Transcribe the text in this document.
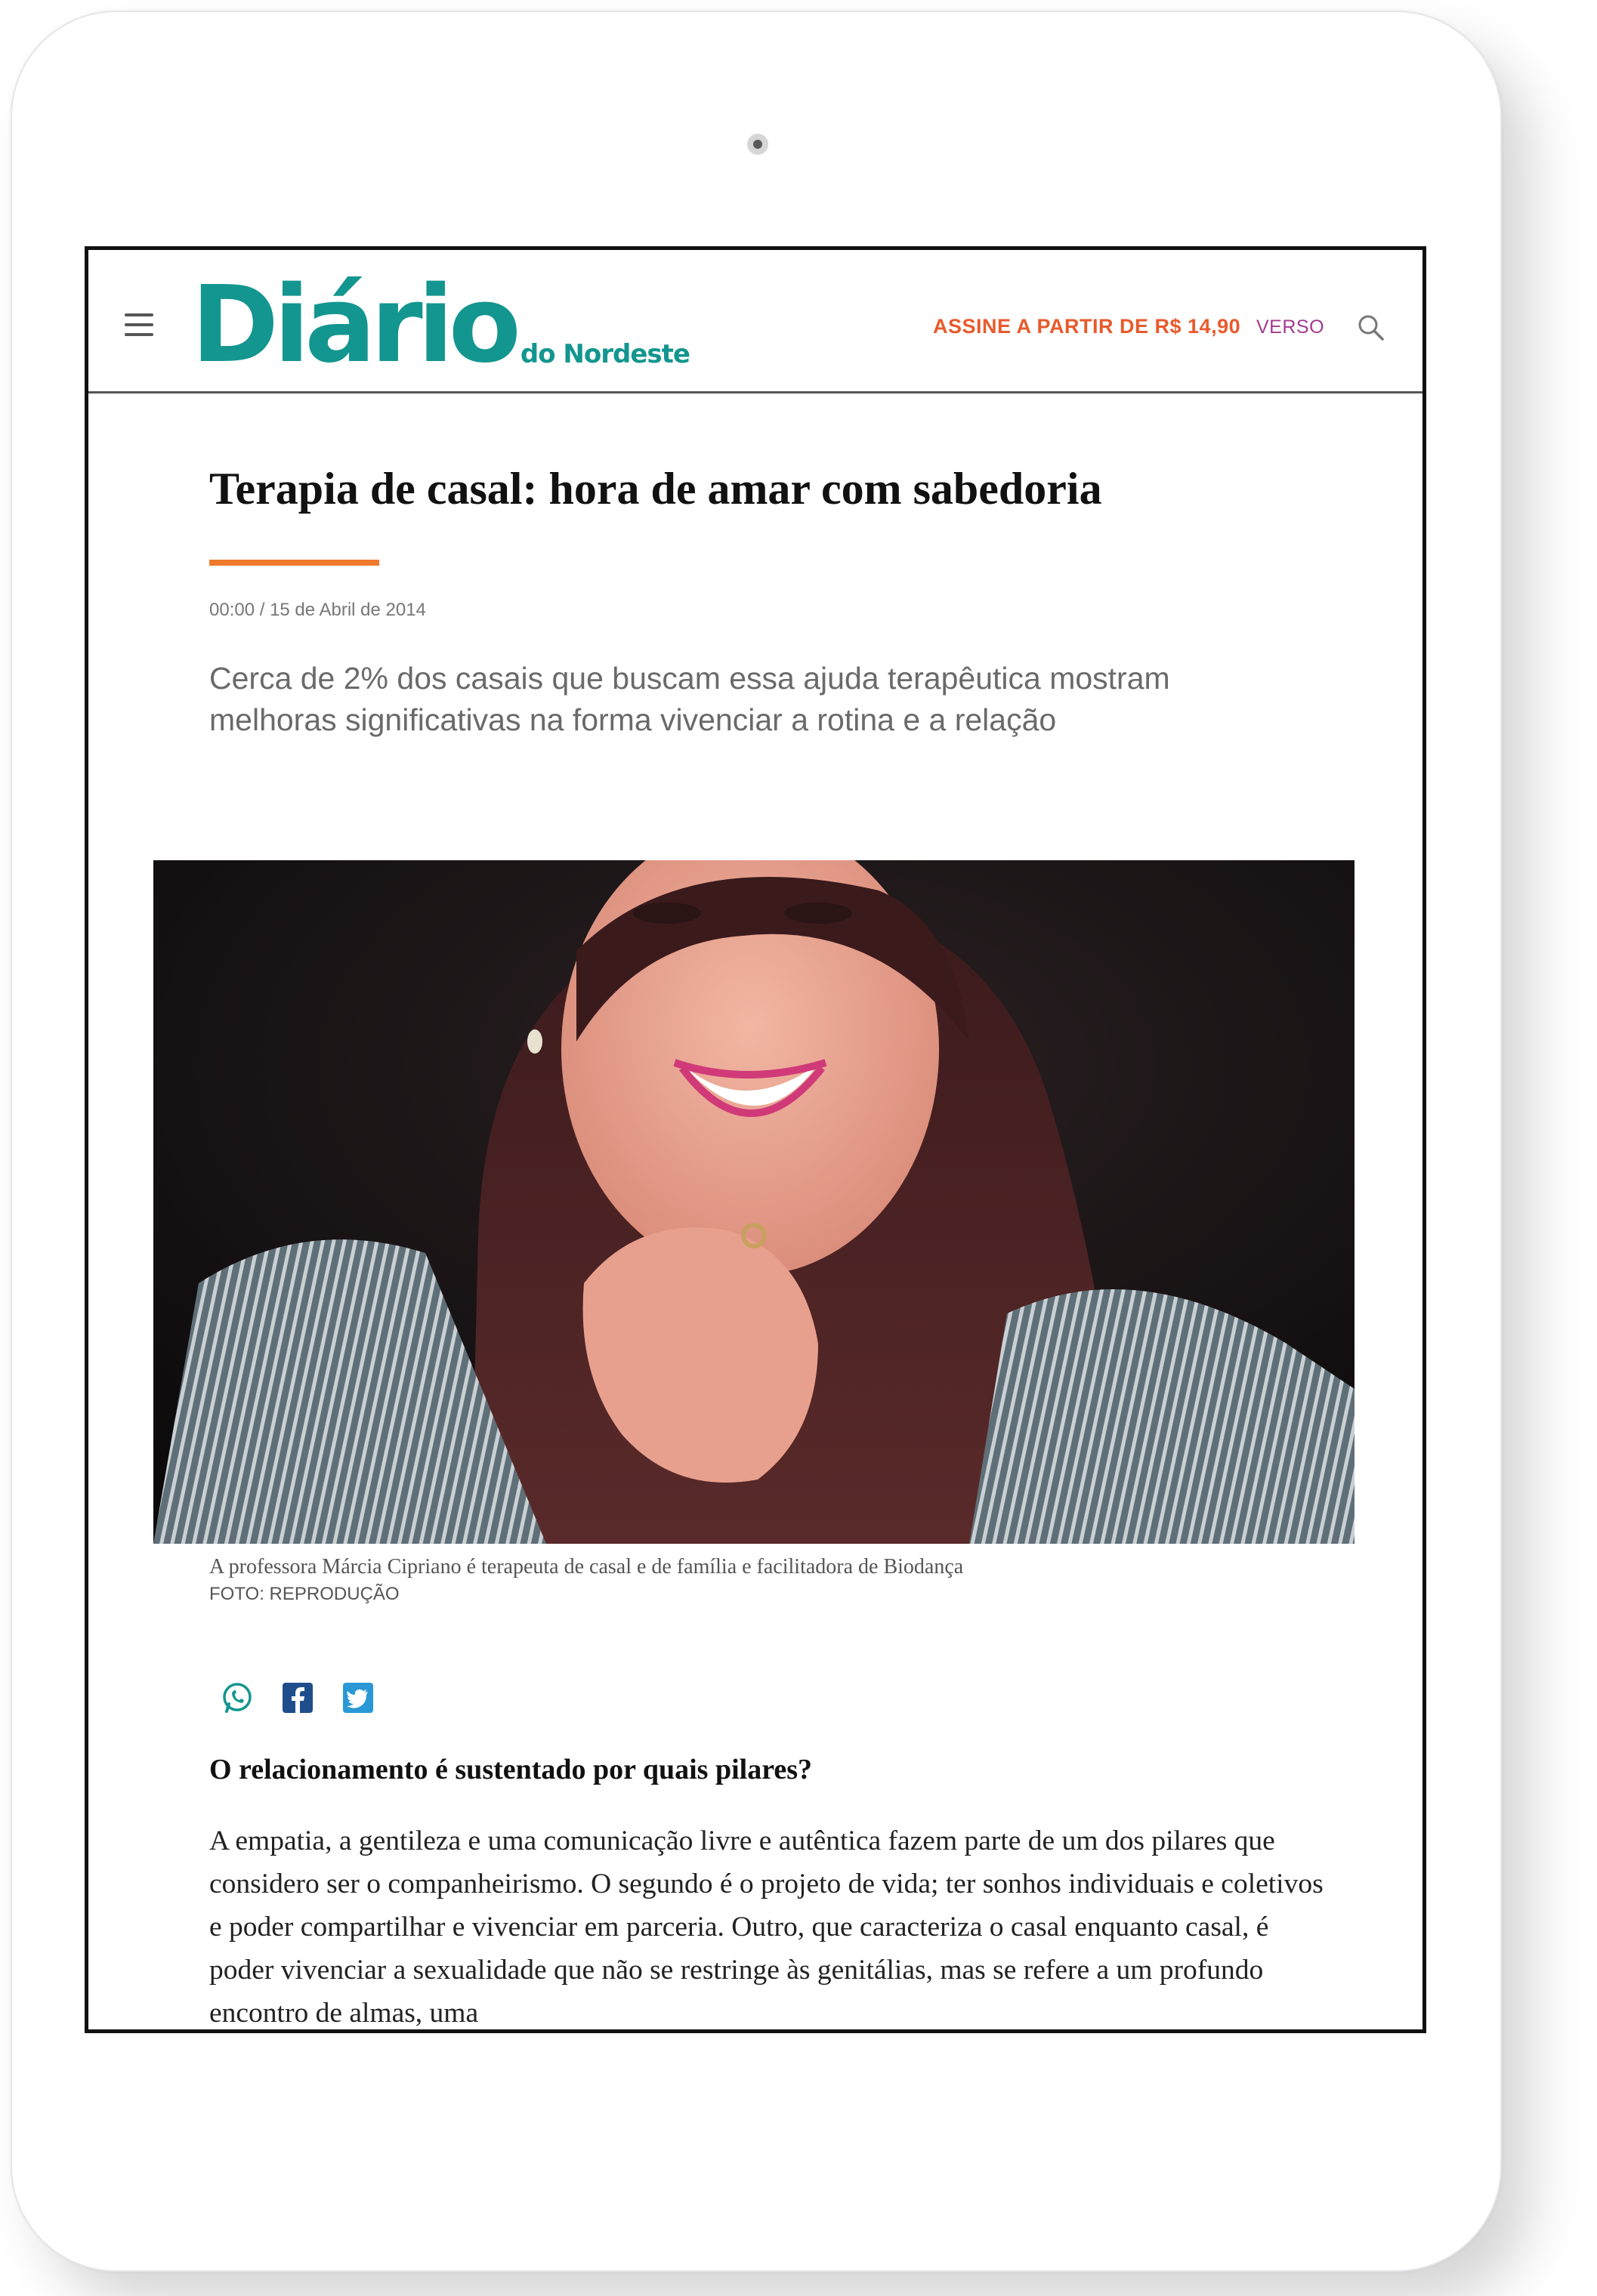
Diário do Nordeste
ASSINE A PARTIR DE R$ 14,90 VERSO
Terapia de casal: hora de amar com sabedoria
00:00 / 15 de Abril de 2014

Cerca de 2% dos casais que buscam essa ajuda terapêutica mostram melhoras significativas na forma vivenciar a rotina e a relação

A professora Márcia Cipriano é terapeuta de casal e de família e facilitadora de Biodança
FOTO: REPRODUÇÃO
O relacionamento é sustentado por quais pilares?

A empatia, a gentileza e uma comunicação livre e autêntica fazem parte de um dos pilares que considero ser o companheirismo. O segundo é o projeto de vida; ter sonhos individuais e coletivos e poder compartilhar e vivenciar em parceria. Outro, que caracteriza o casal enquanto casal, é poder vivenciar a sexualidade que não se restringe às genitálias, mas se refere a um profundo encontro de almas, uma
